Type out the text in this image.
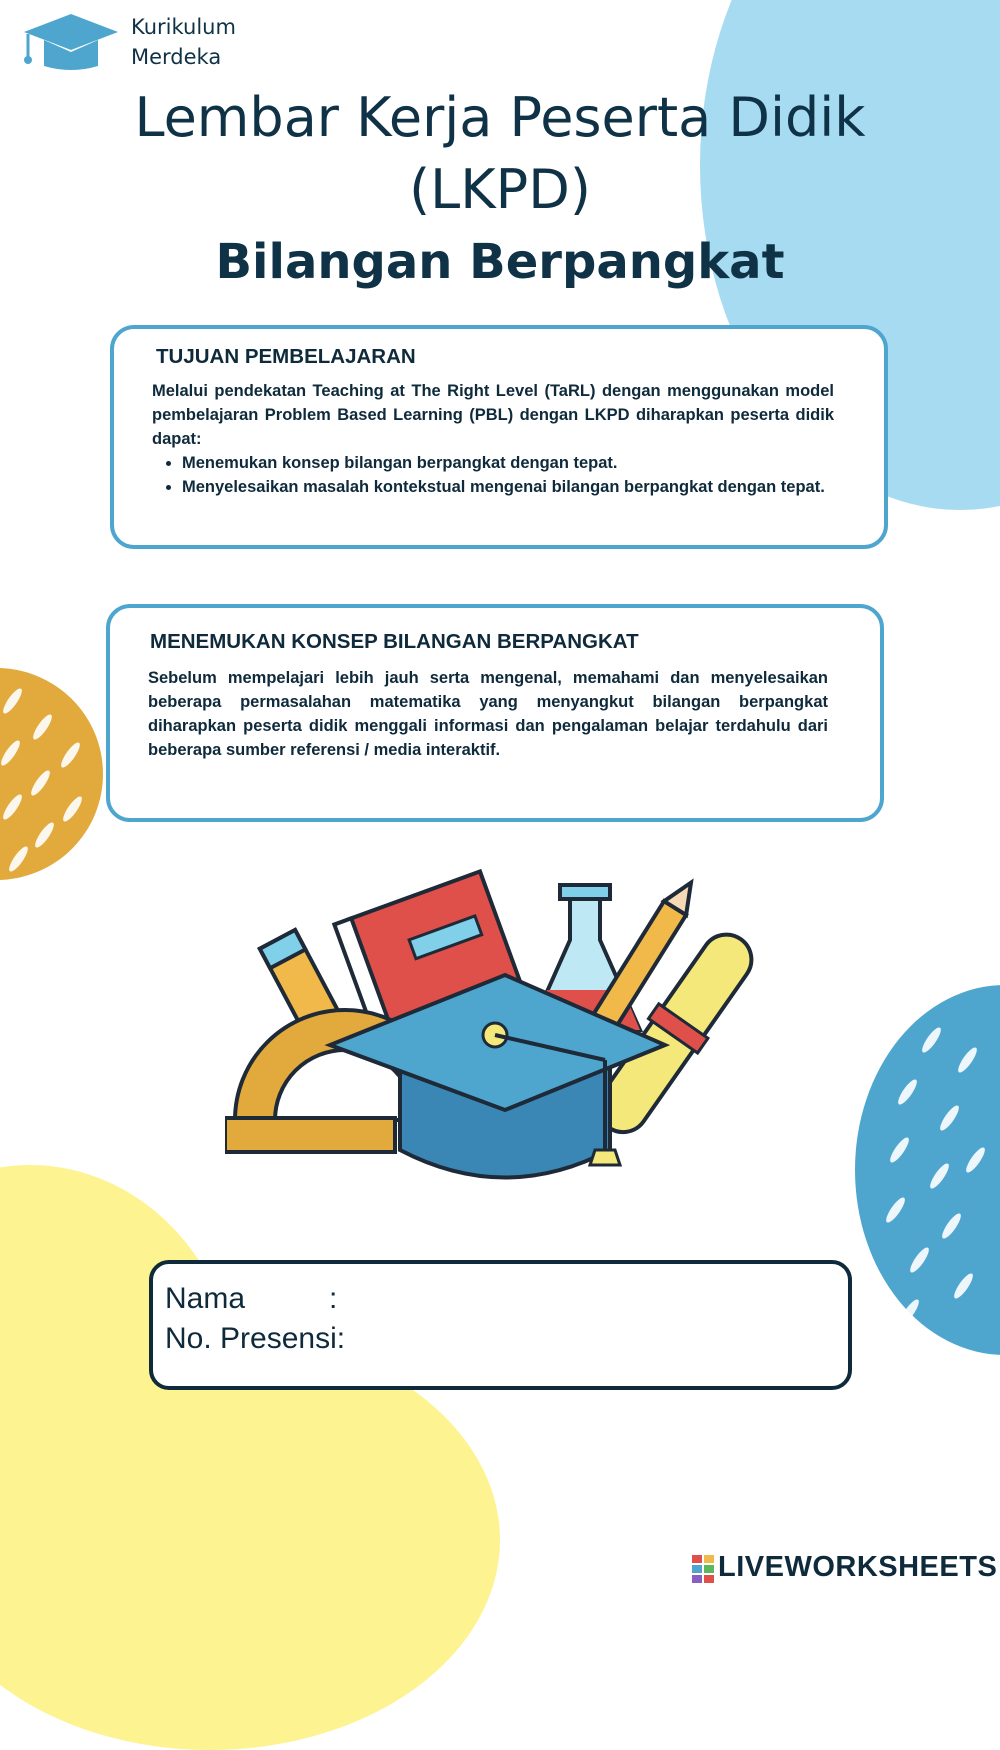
Kurikulum
Merdeka
Lembar Kerja Peserta Didik
(LKPD)
Bilangan Berpangkat
TUJUAN PEMBELAJARAN
Melalui pendekatan Teaching at The Right Level (TaRL) dengan menggunakan model pembelajaran Problem Based Learning (PBL) dengan LKPD diharapkan peserta didik dapat:
• Menemukan konsep bilangan berpangkat dengan tepat.
• Menyelesaikan masalah kontekstual mengenai bilangan berpangkat dengan tepat.
MENEMUKAN KONSEP BILANGAN BERPANGKAT
Sebelum mempelajari lebih jauh serta mengenal, memahami dan menyelesaikan beberapa permasalahan matematika yang menyangkut bilangan berpangkat diharapkan peserta didik menggali informasi dan pengalaman belajar terdahulu dari beberapa sumber referensi / media interaktif.
Nama	:
No. Presensi:
LIVEWORKSHEETS
